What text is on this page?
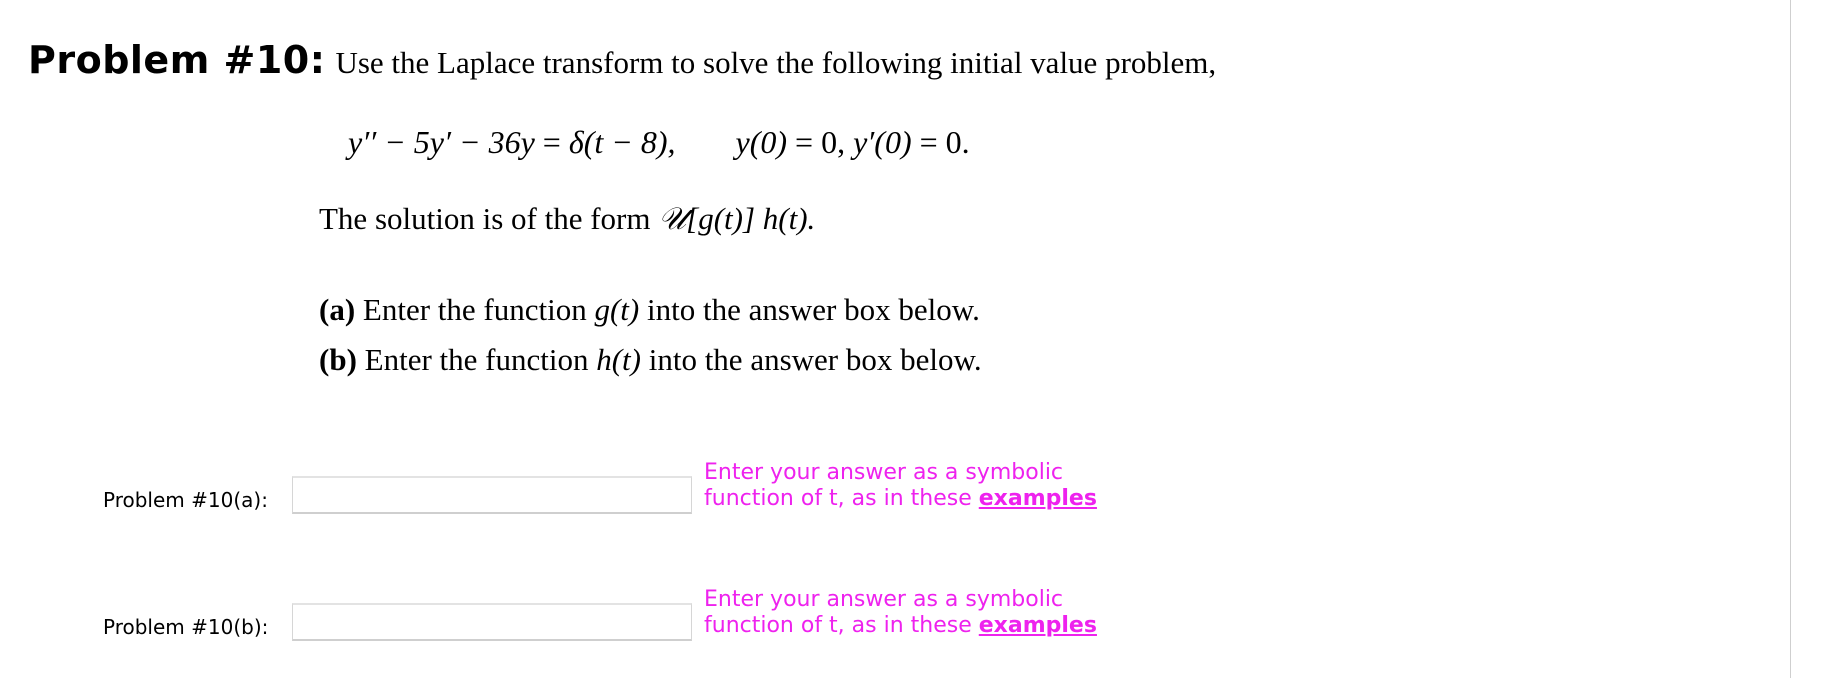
Problem #10: Use the Laplace transform to solve the following initial value problem,
y′′ − 5y′ − 36y = δ(t − 8), y(0) = 0, y′(0) = 0.
The solution is of the form 𝒰[g(t)] h(t).
(a) Enter the function g(t) into the answer box below.
(b) Enter the function h(t) into the answer box below.
Problem #10(a):
Enter your answer as a symbolic function of t, as in these examples
Problem #10(b):
Enter your answer as a symbolic function of t, as in these examples
